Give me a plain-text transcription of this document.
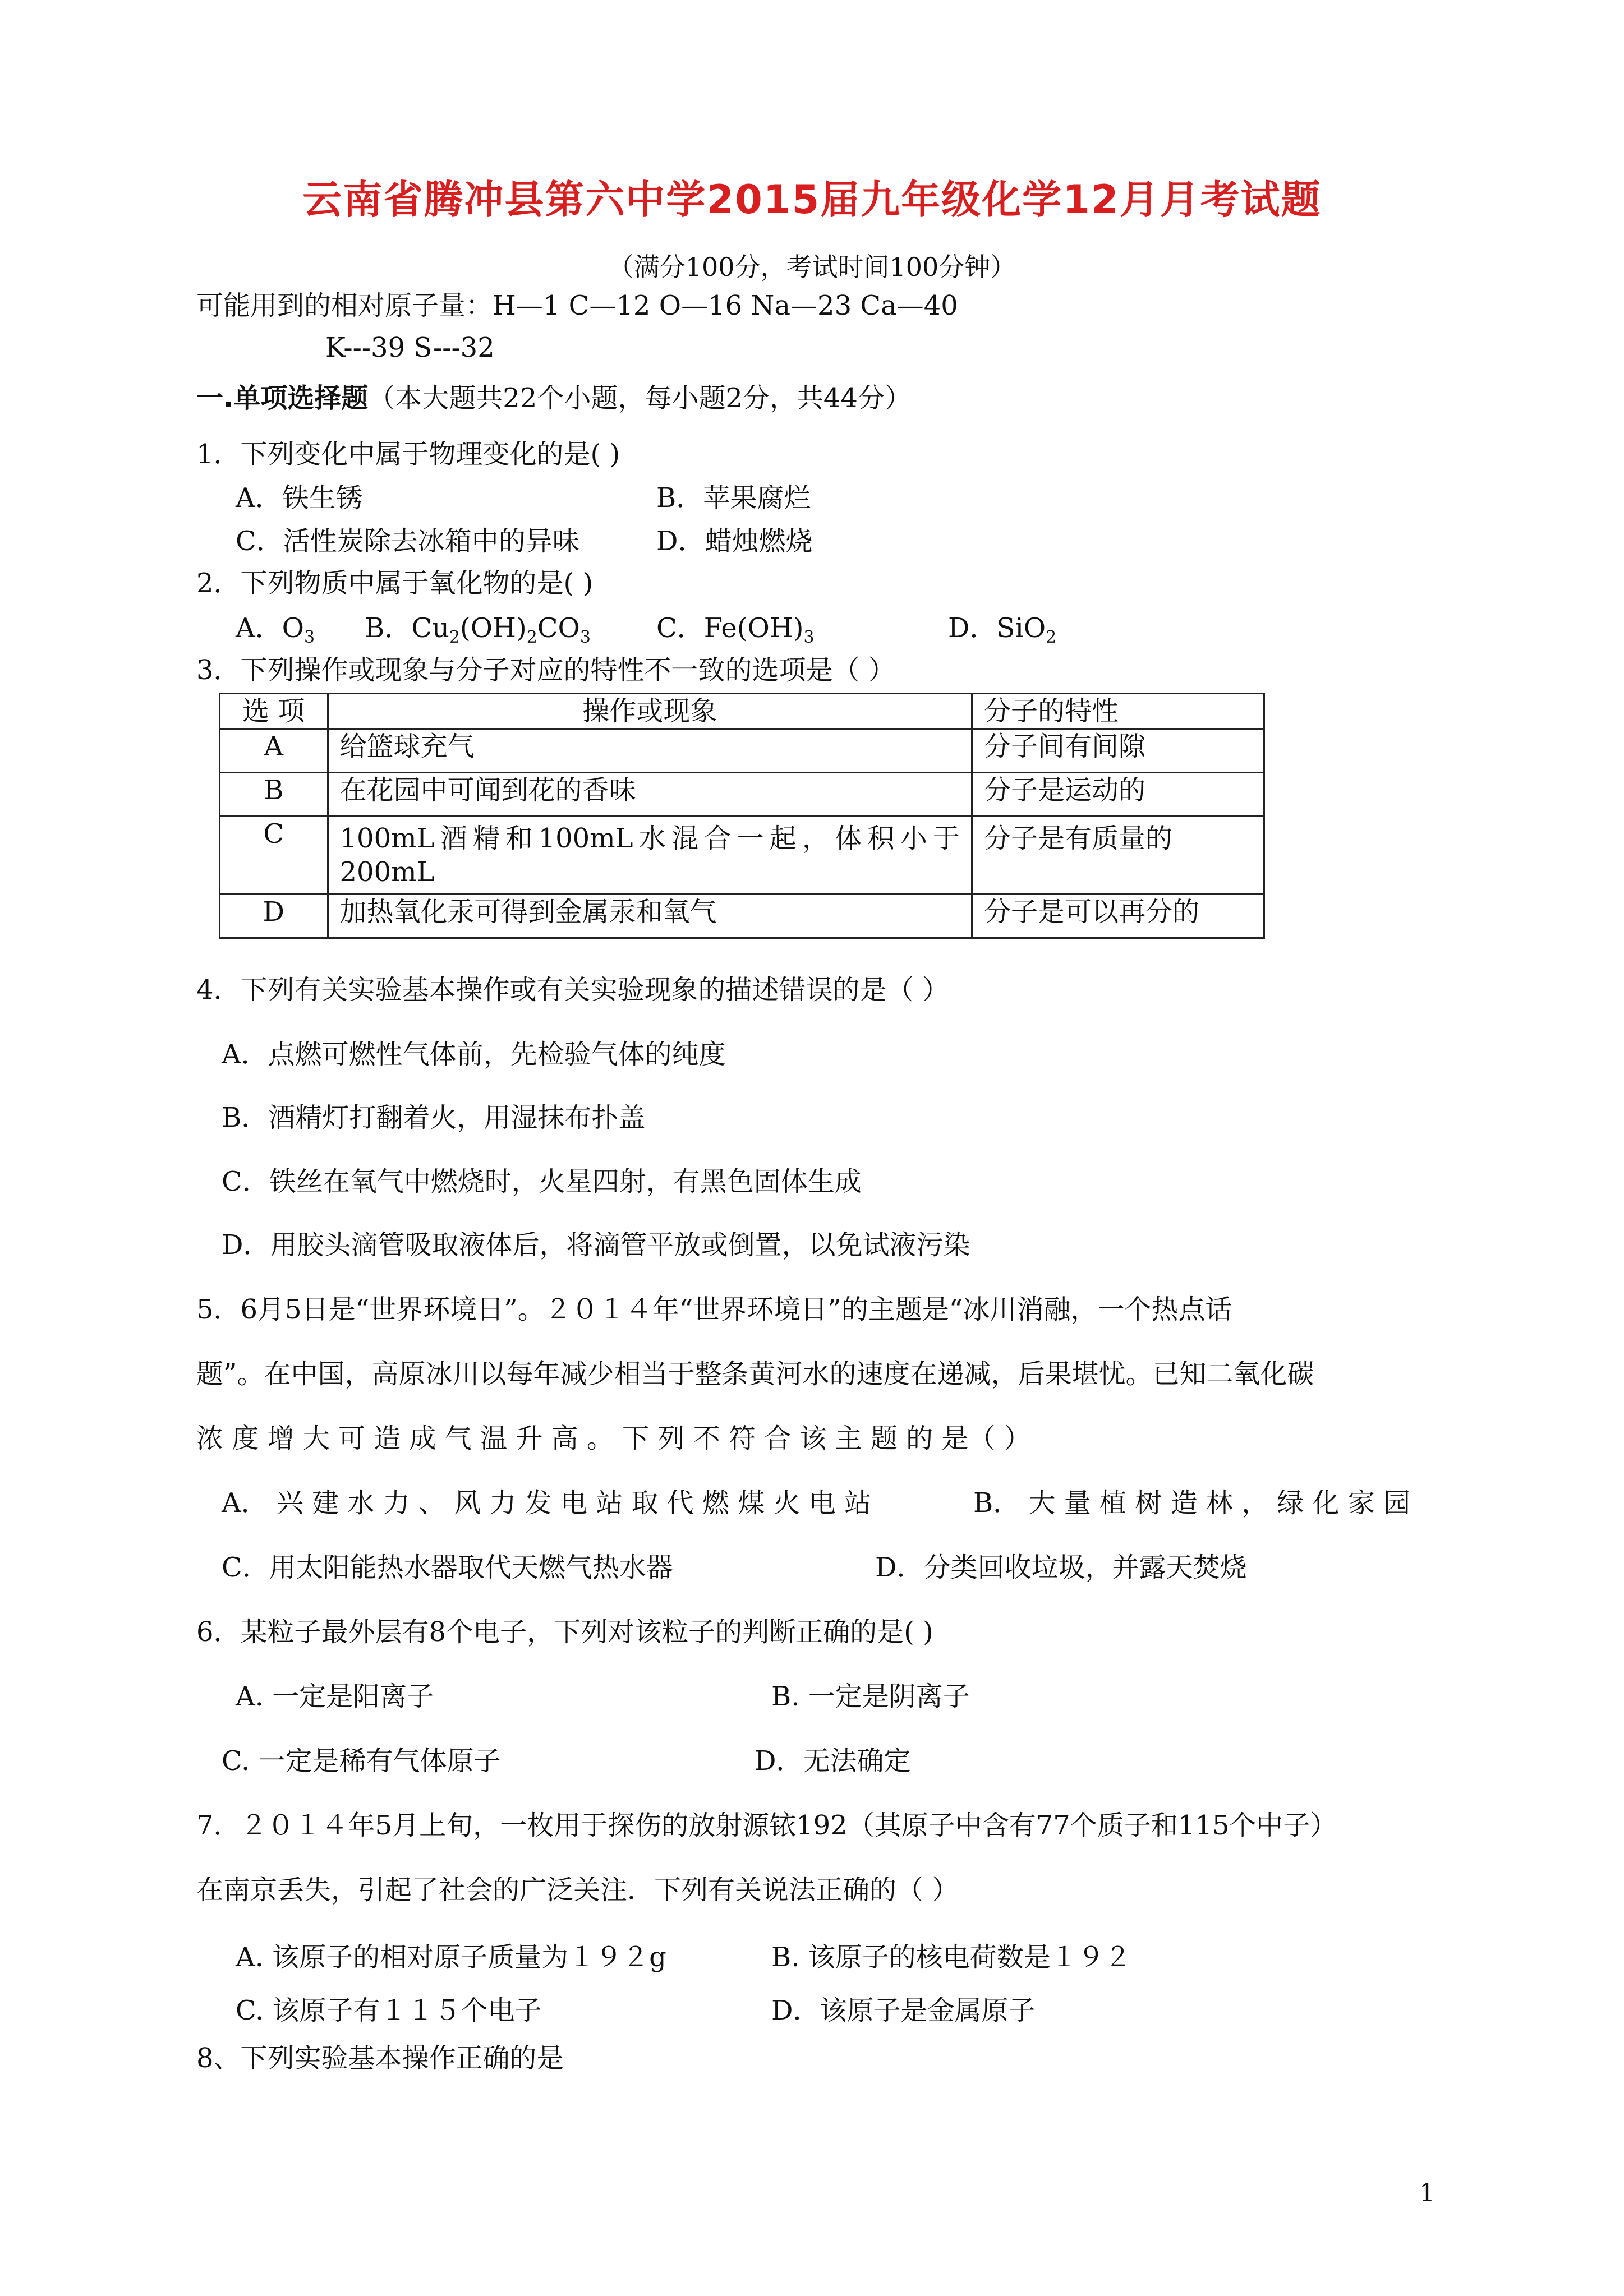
云南省腾冲县第六中学2015届九年级化学12月月考试题
（满分100分，考试时间100分钟）
可能用到的相对原子量：H—1 C—12 O—16 Na—23 Ca—40
K---39 S---32
一.单项选择题（本大题共22个小题，每小题2分，共44分）
1．下列变化中属于物理变化的是( )
A．铁生锈	B．苹果腐烂
C．活性炭除去冰箱中的异味	D．蜡烛燃烧
2．下列物质中属于氧化物的是( )
A．$O_3$ B．$Cu_2(OH)_2CO_3$ C．$Fe(OH)_3$	D．SiO$_2$
3．下列操作或现象与分子对应的特性不一致的选项是（ ）
选 项	操作或现象	分子的特性
A	给篮球充气	分子间有间隙
B	在花园中可闻到花的香味	分子是运动的
C	100mL酒精和100mL水混合一起，体积小于200mL	分子是有质量的
D	加热氧化汞可得到金属汞和氧气	分子是可以再分的
4．下列有关实验基本操作或有关实验现象的描述错误的是（ ）
A．点燃可燃性气体前，先检验气体的纯度
B．酒精灯打翻着火，用湿抹布扑盖
C．铁丝在氧气中燃烧时，火星四射，有黑色固体生成
D．用胶头滴管吸取液体后，将滴管平放或倒置，以免试液污染
5．6月5日是“世界环境日”。２０１４年“世界环境日”的主题是“冰川消融，一个热点话
题”。在中国，高原冰川以每年减少相当于整条黄河水的速度在递减，后果堪忧。已知二氧化碳
浓 度 增 大 可 造 成 气 温 升 高 。 下 列 不 符 合 该 主 题 的 是（ ）
A． 兴 建 水 力 、 风 力 发 电 站 取 代 燃 煤 火 电 站	B． 大 量 植 树 造 林 ， 绿 化 家 园
C．用太阳能热水器取代天燃气热水器	D．分类回收垃圾，并露天焚烧
6．某粒子最外层有8个电子，下列对该粒子的判断正确的是( )
A. 一定是阳离子	B. 一定是阴离子
C. 一定是稀有气体原子	D．无法确定
7．２０１４年5月上旬，一枚用于探伤的放射源铱192（其原子中含有77个质子和115个中子）
在南京丢失，引起了社会的广泛关注．下列有关说法正确的（ ）
A. 该原子的相对原子质量为１９２g	B. 该原子的核电荷数是１９２
C. 该原子有１１５个电子	D．该原子是金属原子
8、下列实验基本操作正确的是
1
